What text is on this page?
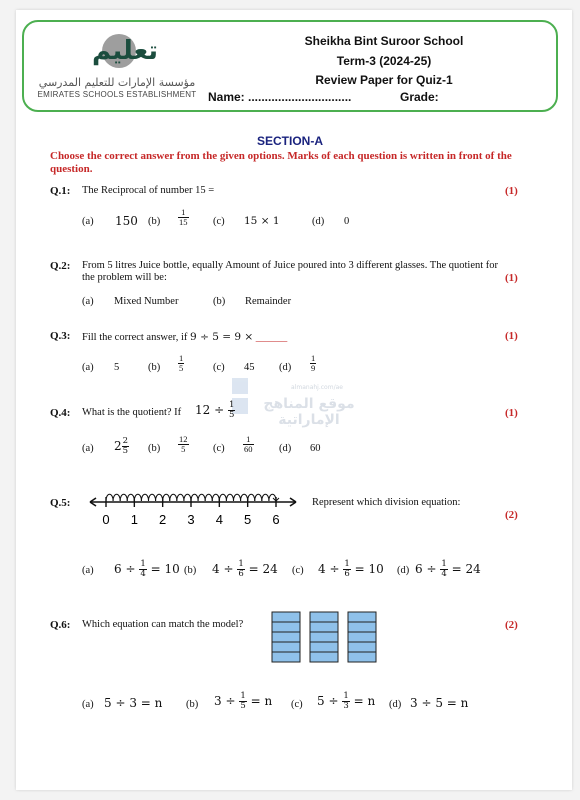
تعليم
مؤسسة الإمارات للتعليم المدرسي
EMIRATES SCHOOLS ESTABLISHMENT
Sheikha Bint Suroor School
Term-3 (2024-25)
Review Paper for Quiz-1
Name: ...............................	Grade:
SECTION-A
Choose the correct answer from the given options. Marks of each question is written in front of the question.
Q.1: The Reciprocal of number 15 =	(1)
(a) 150 $(b) \frac{1}{15} (c) 15 \times 1$	(d) 0
Q.2: From 5 litres Juice bottle, equally Amount of Juice poured into 3 different glasses. The quotient for
the problem will be:	(1)
(a) Mixed Number	(b) Remainder
Q.3: Fill the correct answer, if 9 ÷ 5 = 9 × ______	(1)
(a) 5	$(b) \frac{1}{5}$	(c) 45 $(d) \frac{1}{9}$
almanahj.com/ae
موقع المناهج الإماراتية
Q.4: What is the quotient? If $12 \div \frac{1}{5}$	(1)
(a) $2 \frac{2}{5} (b) \frac{12}{5} (c) \frac{1}{60} (d)$ 60
Q.5:
0 1 2 3 4 5 6
Represent which division equation:
(2)
(a) $6 \div \frac{1}{4} = 10$ (b) $4 \div \frac{1}{6} = 24$ (c) $4 \div \frac{1}{6} = 10$ (d) $6 \div \frac{1}{4} = 24$
Q.6: Which equation can match the model?	(2)
(a) 5 ÷ 3 = n (b) $3 \div \frac{1}{5} = n$ (c) $5 \div \frac{1}{3} = n$ (d) 3 ÷ 5 = n
